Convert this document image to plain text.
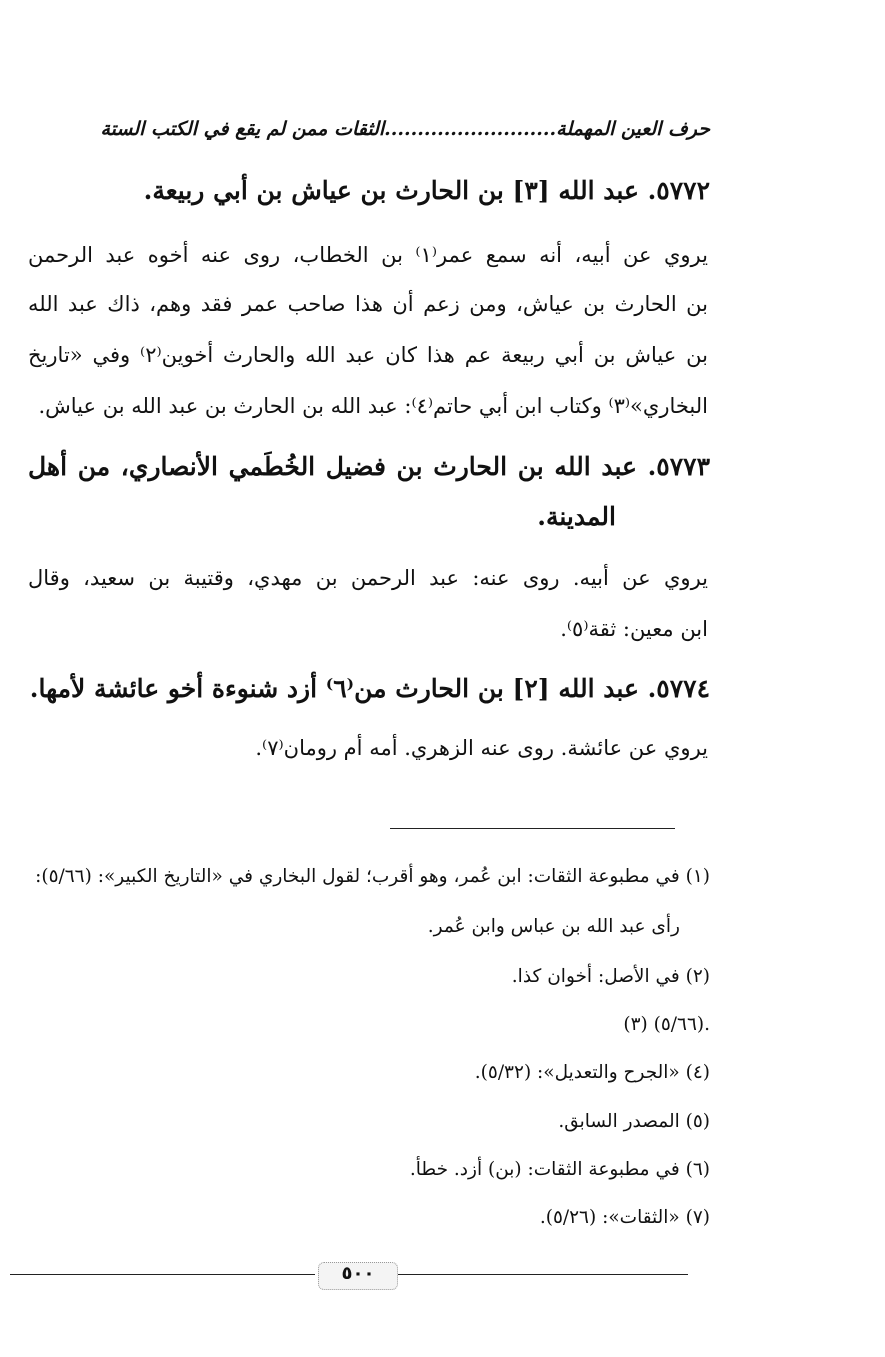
حرف العين المهملة..........................الثقات ممن لم يقع في الكتب الستة
٥٧٧٢. عبد الله [٣] بن الحارث بن عياش بن أبي ربيعة.
يروي عن أبيه، أنه سمع عمر⁽١⁾ بن الخطاب، روى عنه أخوه عبد الرحمن
بن الحارث بن عياش، ومن زعم أن هذا صاحب عمر فقد وهم، ذاك عبد الله
بن عياش بن أبي ربيعة عم هذا كان عبد الله والحارث أخوين⁽٢⁾ وفي «تاريخ
البخاري»⁽٣⁾ وكتاب ابن أبي حاتم⁽٤⁾: عبد الله بن الحارث بن عبد الله بن عياش.
٥٧٧٣. عبد الله بن الحارث بن فضيل الخُطَمي الأنصاري، من أهل
المدينة.
يروي عن أبيه. روى عنه: عبد الرحمن بن مهدي، وقتيبة بن سعيد، وقال
ابن معين: ثقة⁽٥⁾.
٥٧٧٤. عبد الله [٢] بن الحارث من⁽٦⁾ أزد شنوءة أخو عائشة لأمها.
يروي عن عائشة. روى عنه الزهري. أمه أم رومان⁽٧⁾.
(١) في مطبوعة الثقات: ابن عُمر، وهو أقرب؛ لقول البخاري في «التاريخ الكبير»: (٥/٦٦):
رأى عبد الله بن عباس وابن عُمر.
(٢) في الأصل: أخوان كذا.
(٣) (٥/٦٦).
(٤) «الجرح والتعديل»: (٥/٣٢).
(٥) المصدر السابق.
(٦) في مطبوعة الثقات: (بن) أزد. خطأ.
(٧) «الثقات»: (٥/٢٦).
٥٠٠
